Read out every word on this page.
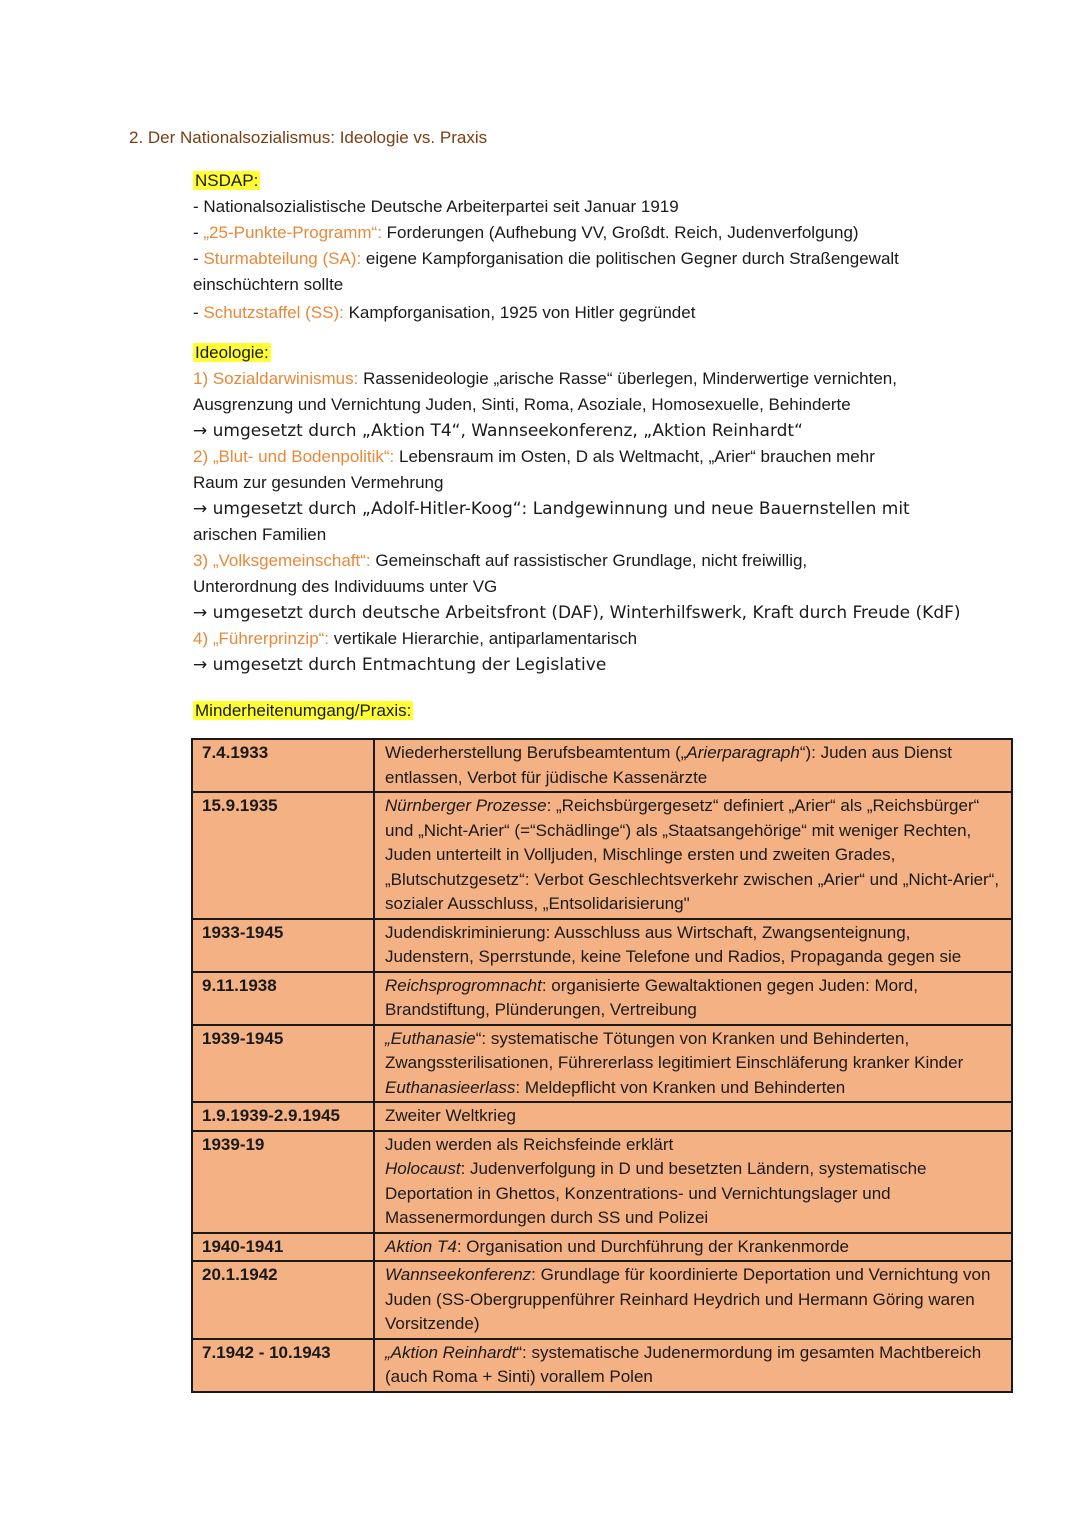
2. Der Nationalsozialismus: Ideologie vs. Praxis
NSDAP:
- Nationalsozialistische Deutsche Arbeiterpartei seit Januar 1919
- „25-Punkte-Programm“: Forderungen (Aufhebung VV, Großdt. Reich, Judenverfolgung)
- Sturmabteilung (SA): eigene Kampforganisation die politischen Gegner durch Straßengewalt
einschüchtern sollte
- Schutzstaffel (SS): Kampforganisation, 1925 von Hitler gegründet
Ideologie:
1) Sozialdarwinismus: Rassenideologie „arische Rasse“ überlegen, Minderwertige vernichten,
Ausgrenzung und Vernichtung Juden, Sinti, Roma, Asoziale, Homosexuelle, Behinderte
→ umgesetzt durch „Aktion T4“, Wannseekonferenz, „Aktion Reinhardt“
2) „Blut- und Bodenpolitik“: Lebensraum im Osten, D als Weltmacht, „Arier“ brauchen mehr
Raum zur gesunden Vermehrung
→ umgesetzt durch „Adolf-Hitler-Koog“: Landgewinnung und neue Bauernstellen mit
arischen Familien
3) „Volksgemeinschaft“: Gemeinschaft auf rassistischer Grundlage, nicht freiwillig,
Unterordnung des Individuums unter VG
→ umgesetzt durch deutsche Arbeitsfront (DAF), Winterhilfswerk, Kraft durch Freude (KdF)
4) „Führerprinzip“: vertikale Hierarchie, antiparlamentarisch
→ umgesetzt durch Entmachtung der Legislative
Minderheitenumgang/Praxis:
7.4.1933	Wiederherstellung Berufsbeamtentum („Arierparagraph“): Juden aus Dienst entlassen, Verbot für jüdische Kassenärzte

15.9.1935	Nürnberger Prozesse: „Reichsbürgergesetz“ definiert „Arier“ als „Reichsbürger“ und „Nicht-Arier“ (=“Schädlinge“) als „Staatsangehörige“ mit weniger Rechten, Juden unterteilt in Volljuden, Mischlinge ersten und zweiten Grades, „Blutschutzgesetz“: Verbot Geschlechtsverkehr zwischen „Arier“ und „Nicht-Arier“, sozialer Ausschluss, „Entsolidarisierung"

1933-1945	Judendiskriminierung: Ausschluss aus Wirtschaft, Zwangsenteignung, Judenstern, Sperrstunde, keine Telefone und Radios, Propaganda gegen sie

9.11.1938	Reichsprogromnacht: organisierte Gewaltaktionen gegen Juden: Mord, Brandstiftung, Plünderungen, Vertreibung

1939-1945	„Euthanasie“: systematische Tötungen von Kranken und Behinderten, Zwangssterilisationen, Führererlass legitimiert Einschläferung kranker Kinder
Euthanasieerlass: Meldepflicht von Kranken und Behinderten

1.9.1939-2.9.1945	Zweiter Weltkrieg

1939-19	Juden werden als Reichsfeinde erklärt
Holocaust: Judenverfolgung in D und besetzten Ländern, systematische Deportation in Ghettos, Konzentrations- und Vernichtungslager und Massenermordungen durch SS und Polizei

1940-1941	Aktion T4: Organisation und Durchführung der Krankenmorde

20.1.1942	Wannseekonferenz: Grundlage für koordinierte Deportation und Vernichtung von Juden (SS-Obergruppenführer Reinhard Heydrich und Hermann Göring waren Vorsitzende)

7.1942 - 10.1943	„Aktion Reinhardt“: systematische Judenermordung im gesamten Machtbereich (auch Roma + Sinti) vorallem Polen
